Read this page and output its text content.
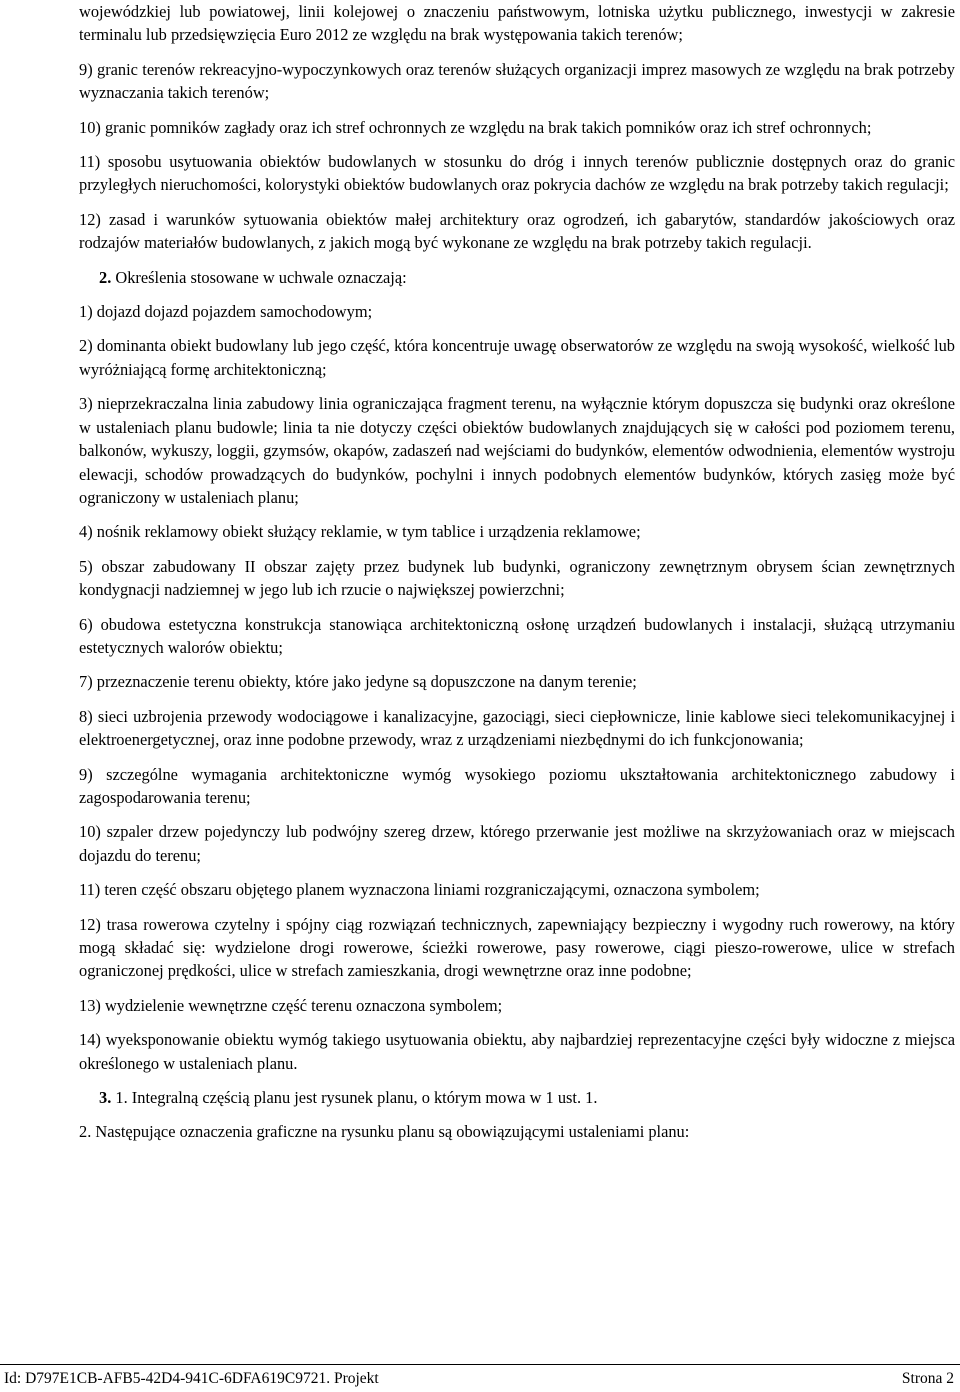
wojewódzkiej lub powiatowej, linii kolejowej o znaczeniu państwowym, lotniska użytku publicznego, inwestycji w zakresie terminalu lub przedsięwzięcia Euro 2012 ze względu na brak występowania takich terenów;

9) granic terenów rekreacyjno-wypoczynkowych oraz terenów służących organizacji imprez masowych ze względu na brak potrzeby wyznaczania takich terenów;

10) granic pomników zagłady oraz ich stref ochronnych ze względu na brak takich pomników oraz ich stref ochronnych;

11) sposobu usytuowania obiektów budowlanych w stosunku do dróg i innych terenów publicznie dostępnych oraz do granic przyległych nieruchomości, kolorystyki obiektów budowlanych oraz pokrycia dachów ze względu na brak potrzeby takich regulacji;

12) zasad i warunków sytuowania obiektów małej architektury oraz ogrodzeń, ich gabarytów, standardów jakościowych oraz rodzajów materiałów budowlanych, z jakich mogą być wykonane ze względu na brak potrzeby takich regulacji.

2. Określenia stosowane w uchwale oznaczają:

1) dojazd dojazd pojazdem samochodowym;

2) dominanta obiekt budowlany lub jego część, która koncentruje uwagę obserwatorów ze względu na swoją wysokość, wielkość lub wyróżniającą formę architektoniczną;

3) nieprzekraczalna linia zabudowy linia ograniczająca fragment terenu, na wyłącznie którym dopuszcza się budynki oraz określone w ustaleniach planu budowle; linia ta nie dotyczy części obiektów budowlanych znajdujących się w całości pod poziomem terenu, balkonów, wykuszy, loggii, gzymsów, okapów, zadaszeń nad wejściami do budynków, elementów odwodnienia, elementów wystroju elewacji, schodów prowadzących do budynków, pochylni i innych podobnych elementów budynków, których zasięg może być ograniczony w ustaleniach planu;

4) nośnik reklamowy obiekt służący reklamie, w tym tablice i urządzenia reklamowe;

5) obszar zabudowany II obszar zajęty przez budynek lub budynki, ograniczony zewnętrznym obrysem ścian zewnętrznych kondygnacji nadziemnej w jego lub ich rzucie o największej powierzchni;

6) obudowa estetyczna konstrukcja stanowiąca architektoniczną osłonę urządzeń budowlanych i instalacji, służącą utrzymaniu estetycznych walorów obiektu;

7) przeznaczenie terenu obiekty, które jako jedyne są dopuszczone na danym terenie;

8) sieci uzbrojenia przewody wodociągowe i kanalizacyjne, gazociągi, sieci ciepłownicze, linie kablowe sieci telekomunikacyjnej i elektroenergetycznej, oraz inne podobne przewody, wraz z urządzeniami niezbędnymi do ich funkcjonowania;

9) szczególne wymagania architektoniczne wymóg wysokiego poziomu ukształtowania architektonicznego zabudowy i zagospodarowania terenu;

10) szpaler drzew pojedynczy lub podwójny szereg drzew, którego przerwanie jest możliwe na skrzyżowaniach oraz w miejscach dojazdu do terenu;

11) teren część obszaru objętego planem wyznaczona liniami rozgraniczającymi, oznaczona symbolem;

12) trasa rowerowa czytelny i spójny ciąg rozwiązań technicznych, zapewniający bezpieczny i wygodny ruch rowerowy, na który mogą składać się: wydzielone drogi rowerowe, ścieżki rowerowe, pasy rowerowe, ciągi pieszo-rowerowe, ulice w strefach ograniczonej prędkości, ulice w strefach zamieszkania, drogi wewnętrzne oraz inne podobne;

13) wydzielenie wewnętrzne część terenu oznaczona symbolem;

14) wyeksponowanie obiektu wymóg takiego usytuowania obiektu, aby najbardziej reprezentacyjne części były widoczne z miejsca określonego w ustaleniach planu.

3. 1. Integralną częścią planu jest rysunek planu, o którym mowa w 1 ust. 1.

2. Następujące oznaczenia graficzne na rysunku planu są obowiązującymi ustaleniami planu:

Id: D797E1CB-AFB5-42D4-941C-6DFA619C9721. Projekt	Strona 2
